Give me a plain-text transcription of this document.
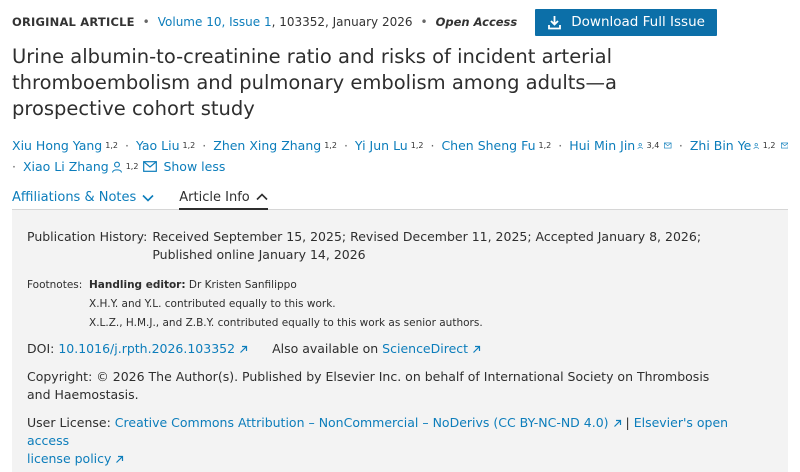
ORIGINAL ARTICLE • Volume 10, Issue 1 , 103352, January 2026 • Open Access	Download Full Issue
Urine albumin-to-creatinine ratio and risks of incident arterial thromboembolism and pulmonary embolism among adults—a prospective cohort study
Xiu Hong Yang 1,2 · Yao Liu 1,2 · Zhen Xing Zhang 1,2 · Yi Jun Lu 1,2 · Chen Sheng Fu 1,2 · Hui Min Jin 3,4 · Zhi Bin Ye 1,2
· Xiao Li Zhang 1,2 Show less
Affiliations & Notes	Article Info
Publication History: Received September 15, 2025; Revised December 11, 2025; Accepted January 8, 2026; Published online January 14, 2026
Footnotes: Handling editor: Dr Kristen Sanfilippo
X.H.Y. and Y.L. contributed equally to this work.
X.L.Z., H.M.J., and Z.B.Y. contributed equally to this work as senior authors.
DOI: 10.1016/j.rpth.2026.103352	Also available on ScienceDirect
Copyright: © 2026 The Author(s). Published by Elsevier Inc. on behalf of International Society on Thrombosis and Haemostasis.
User License: Creative Commons Attribution – NonCommercial – NoDerivs (CC BY-NC-ND 4.0) | Elsevier's open access
license policy
